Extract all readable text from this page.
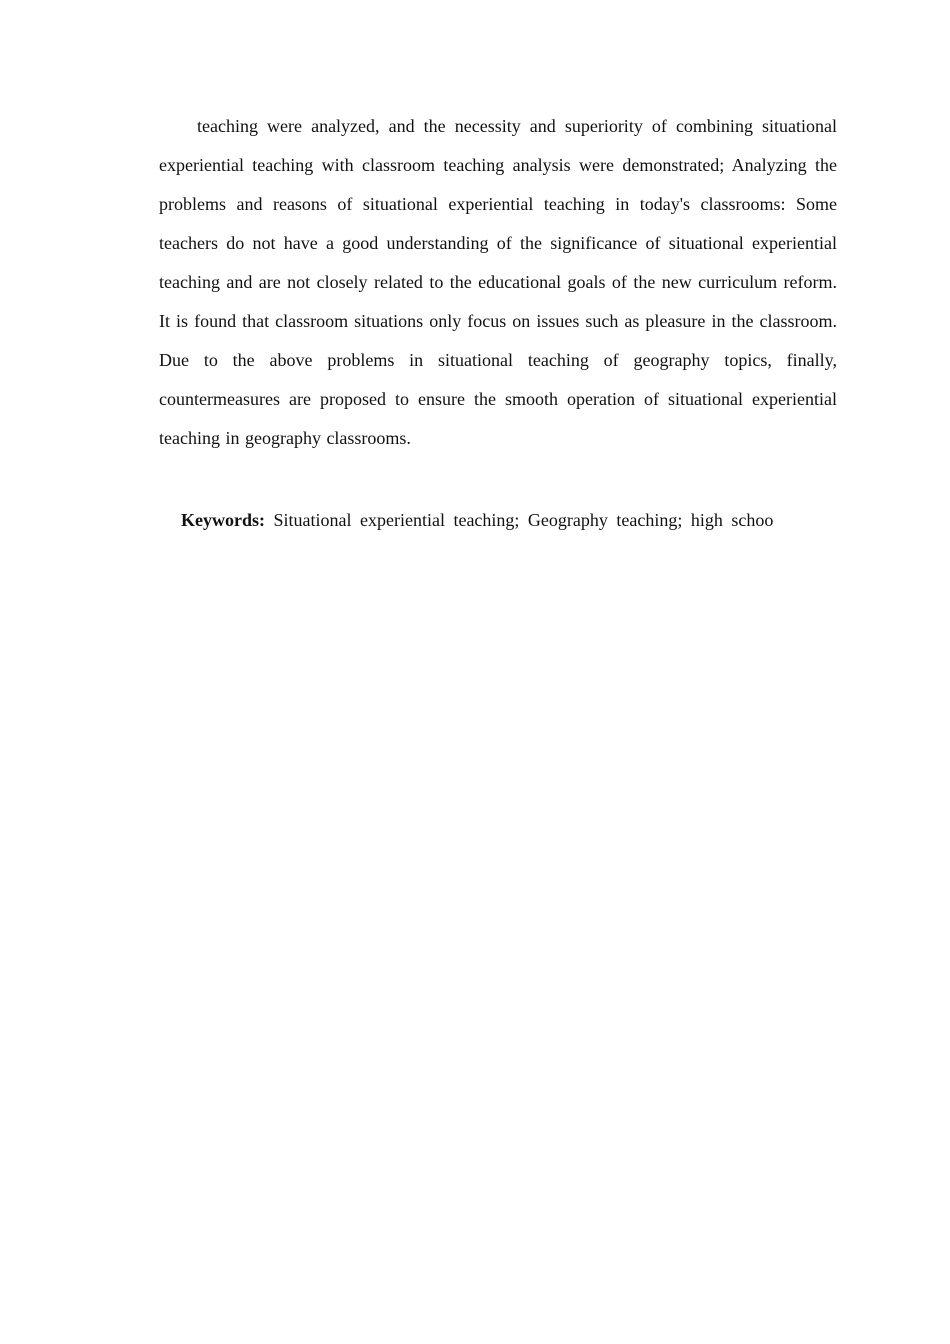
teaching were analyzed, and the necessity and superiority of combining situational experiential teaching with classroom teaching analysis were demonstrated; Analyzing the problems and reasons of situational experiential teaching in today's classrooms: Some teachers do not have a good understanding of the significance of situational experiential teaching and are not closely related to the educational goals of the new curriculum reform. It is found that classroom situations only focus on issues such as pleasure in the classroom. Due to the above problems in situational teaching of geography topics, finally, countermeasures are proposed to ensure the smooth operation of situational experiential teaching in geography classrooms.

Keywords: Situational experiential teaching; Geography teaching; high schoo
